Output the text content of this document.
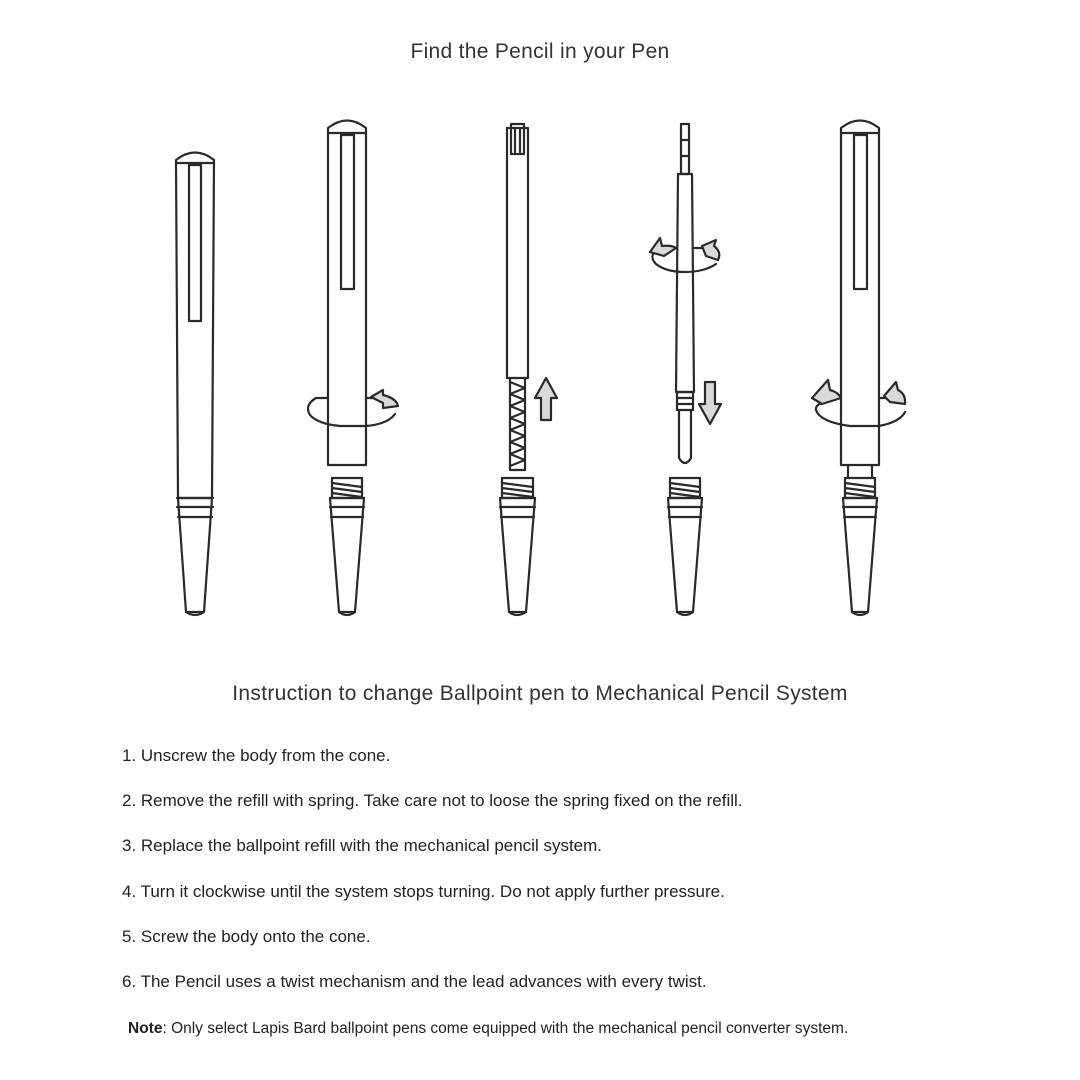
Find the Pencil in your Pen
Instruction to change Ballpoint pen to Mechanical Pencil System
1. Unscrew the body from the cone.
2. Remove the refill with spring. Take care not to loose the spring fixed on the refill.
3. Replace the ballpoint refill with the mechanical pencil system.
4. Turn it clockwise until the system stops turning. Do not apply further pressure.
5. Screw the body onto the cone.
6. The Pencil uses a twist mechanism and the lead advances with every twist.
Note: Only select Lapis Bard ballpoint pens come equipped with the mechanical pencil converter system.
